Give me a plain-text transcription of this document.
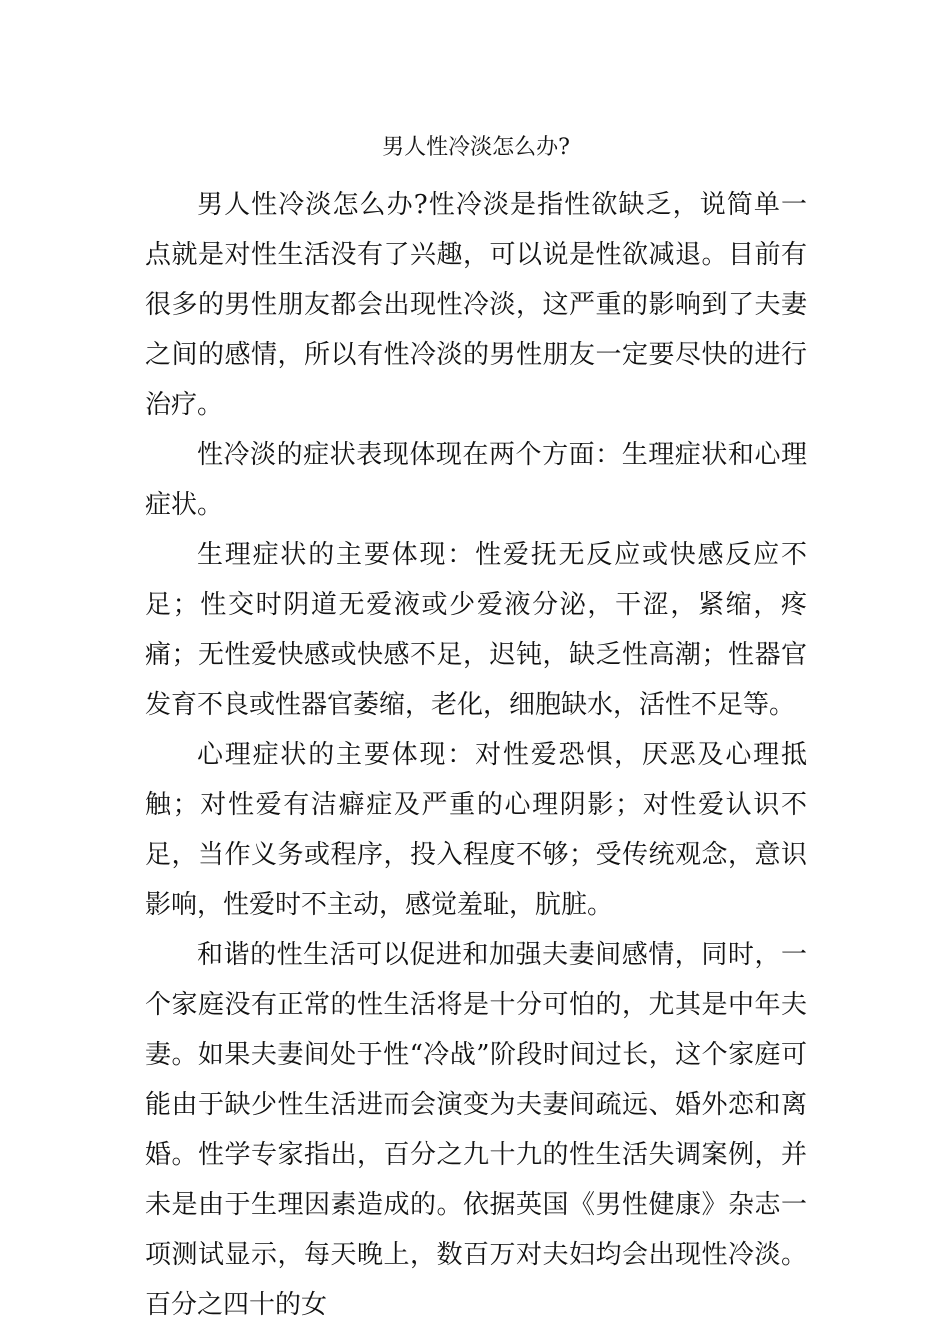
男人性冷淡怎么办?

男人性冷淡怎么办?性冷淡是指性欲缺乏，说简单一点就是对性生活没有了兴趣，可以说是性欲减退。目前有很多的男性朋友都会出现性冷淡，这严重的影响到了夫妻之间的感情，所以有性冷淡的男性朋友一定要尽快的进行治疗。

性冷淡的症状表现体现在两个方面：生理症状和心理症状。

生理症状的主要体现：性爱抚无反应或快感反应不足；性交时阴道无爱液或少爱液分泌，干涩，紧缩，疼痛；无性爱快感或快感不足，迟钝，缺乏性高潮；性器官发育不良或性器官萎缩，老化，细胞缺水，活性不足等。

心理症状的主要体现：对性爱恐惧，厌恶及心理抵触；对性爱有洁癖症及严重的心理阴影；对性爱认识不足，当作义务或程序，投入程度不够；受传统观念，意识影响，性爱时不主动，感觉羞耻，肮脏。

和谐的性生活可以促进和加强夫妻间感情，同时，一个家庭没有正常的性生活将是十分可怕的，尤其是中年夫妻。如果夫妻间处于性“冷战”阶段时间过长，这个家庭可能由于缺少性生活进而会演变为夫妻间疏远、婚外恋和离婚。性学专家指出，百分之九十九的性生活失调案例，并未是由于生理因素造成的。依据英国《男性健康》杂志一项测试显示，每天晚上，数百万对夫妇均会出现性冷淡。百分之四十的女
